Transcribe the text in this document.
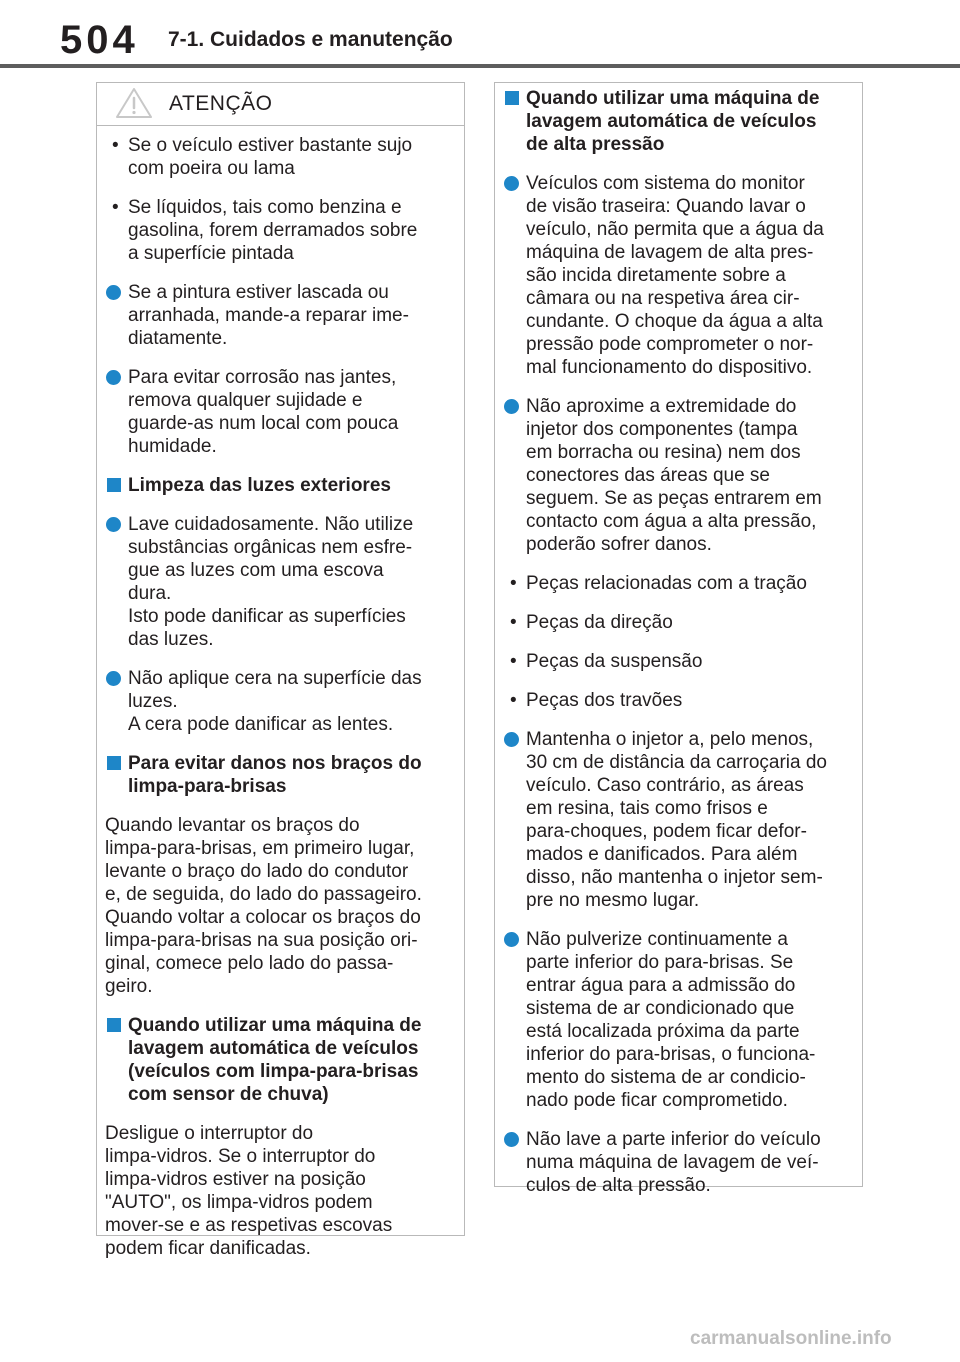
504 7-1. Cuidados e manutenção
ATENÇÃO
• Se o veículo estiver bastante sujo
com poeira ou lama
• Se líquidos, tais como benzina e
gasolina, forem derramados sobre
a superfície pintada
Se a pintura estiver lascada ou
arranhada, mande-a reparar ime-
diatamente.
Para evitar corrosão nas jantes,
remova qualquer sujidade e
guarde-as num local com pouca
humidade.
Limpeza das luzes exteriores
Lave cuidadosamente. Não utilize
substâncias orgânicas nem esfre-
gue as luzes com uma escova
dura.
Isto pode danificar as superfícies
das luzes.
Não aplique cera na superfície das
luzes.
A cera pode danificar as lentes.
Para evitar danos nos braços do
limpa-para-brisas
Quando levantar os braços do
limpa-para-brisas, em primeiro lugar,
levante o braço do lado do condutor
e, de seguida, do lado do passageiro.
Quando voltar a colocar os braços do
limpa-para-brisas na sua posição ori-
ginal, comece pelo lado do passa-
geiro.
Quando utilizar uma máquina de
lavagem automática de veículos
(veículos com limpa-para-brisas
com sensor de chuva)
Desligue o interruptor do
limpa-vidros. Se o interruptor do
limpa-vidros estiver na posição
"AUTO", os limpa-vidros podem
mover-se e as respetivas escovas
podem ficar danificadas.
Quando utilizar uma máquina de
lavagem automática de veículos
de alta pressão
Veículos com sistema do monitor
de visão traseira: Quando lavar o
veículo, não permita que a água da
máquina de lavagem de alta pres-
são incida diretamente sobre a
câmara ou na respetiva área cir-
cundante. O choque da água a alta
pressão pode comprometer o nor-
mal funcionamento do dispositivo.
Não aproxime a extremidade do
injetor dos componentes (tampa
em borracha ou resina) nem dos
conectores das áreas que se
seguem. Se as peças entrarem em
contacto com água a alta pressão,
poderão sofrer danos.
• Peças relacionadas com a tração
• Peças da direção
• Peças da suspensão
• Peças dos travões
Mantenha o injetor a, pelo menos,
30 cm de distância da carroçaria do
veículo. Caso contrário, as áreas
em resina, tais como frisos e
para-choques, podem ficar defor-
mados e danificados. Para além
disso, não mantenha o injetor sem-
pre no mesmo lugar.
Não pulverize continuamente a
parte inferior do para-brisas. Se
entrar água para a admissão do
sistema de ar condicionado que
está localizada próxima da parte
inferior do para-brisas, o funciona-
mento do sistema de ar condicio-
nado pode ficar comprometido.
Não lave a parte inferior do veículo
numa máquina de lavagem de veí-
culos de alta pressão.
carmanualsonline.info
